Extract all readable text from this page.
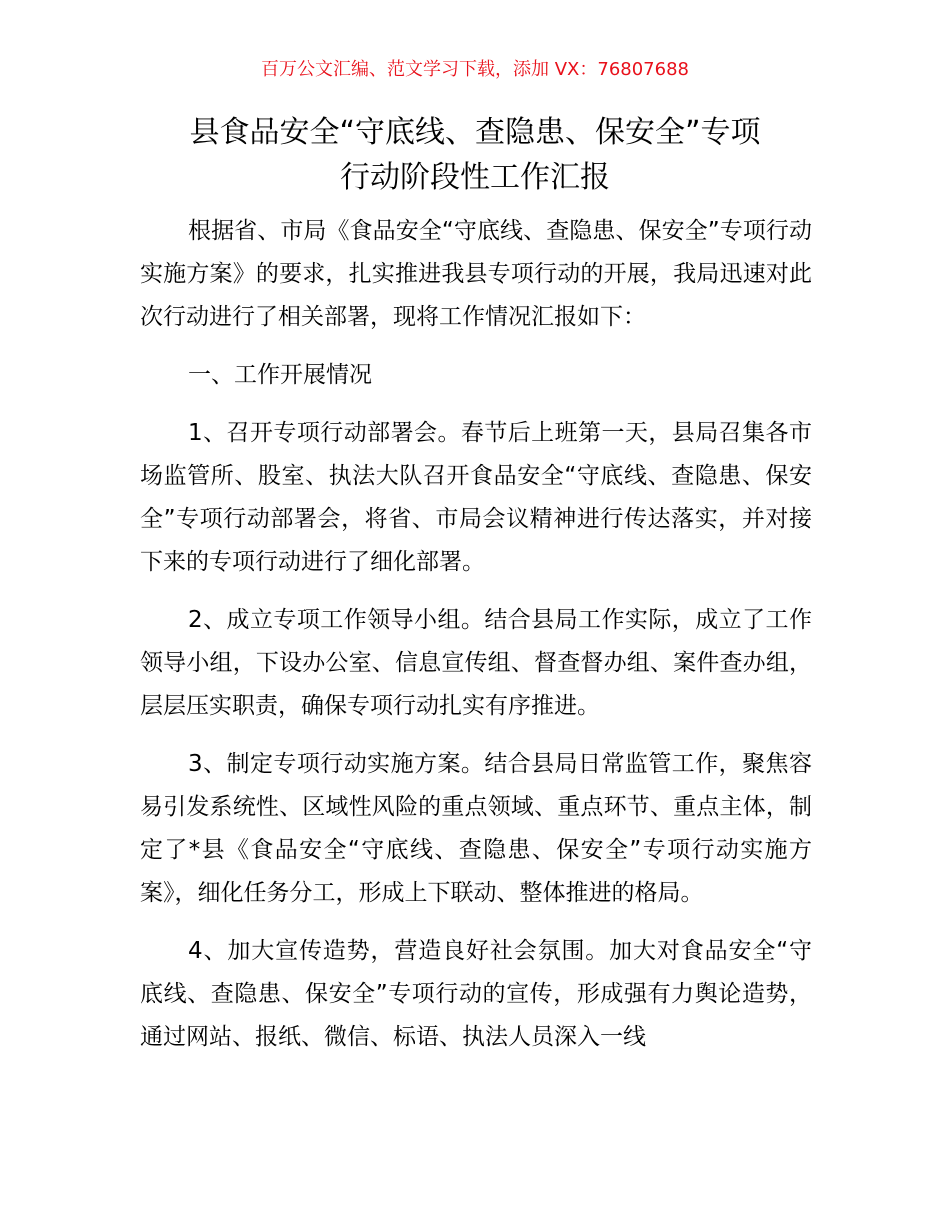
百万公文汇编、范文学习下载，添加 VX：76807688
县食品安全“守底线、查隐患、保安全”专项
行动阶段性工作汇报

根据省、市局《食品安全“守底线、查隐患、保安全”专项行动实施方案》的要求，扎实推进我县专项行动的开展，我局迅速对此次行动进行了相关部署，现将工作情况汇报如下：

一、工作开展情况

1、召开专项行动部署会。春节后上班第一天，县局召集各市场监管所、股室、执法大队召开食品安全“守底线、查隐患、保安全”专项行动部署会，将省、市局会议精神进行传达落实，并对接下来的专项行动进行了细化部署。

2、成立专项工作领导小组。结合县局工作实际，成立了工作领导小组，下设办公室、信息宣传组、督查督办组、案件查办组，层层压实职责，确保专项行动扎实有序推进。

3、制定专项行动实施方案。结合县局日常监管工作，聚焦容易引发系统性、区域性风险的重点领域、重点环节、重点主体，制定了*县《食品安全“守底线、查隐患、保安全”专项行动实施方案》，细化任务分工，形成上下联动、整体推进的格局。

4、加大宣传造势，营造良好社会氛围。加大对食品安全“守底线、查隐患、保安全”专项行动的宣传，形成强有力舆论造势，通过网站、报纸、微信、标语、执法人员深入一线
